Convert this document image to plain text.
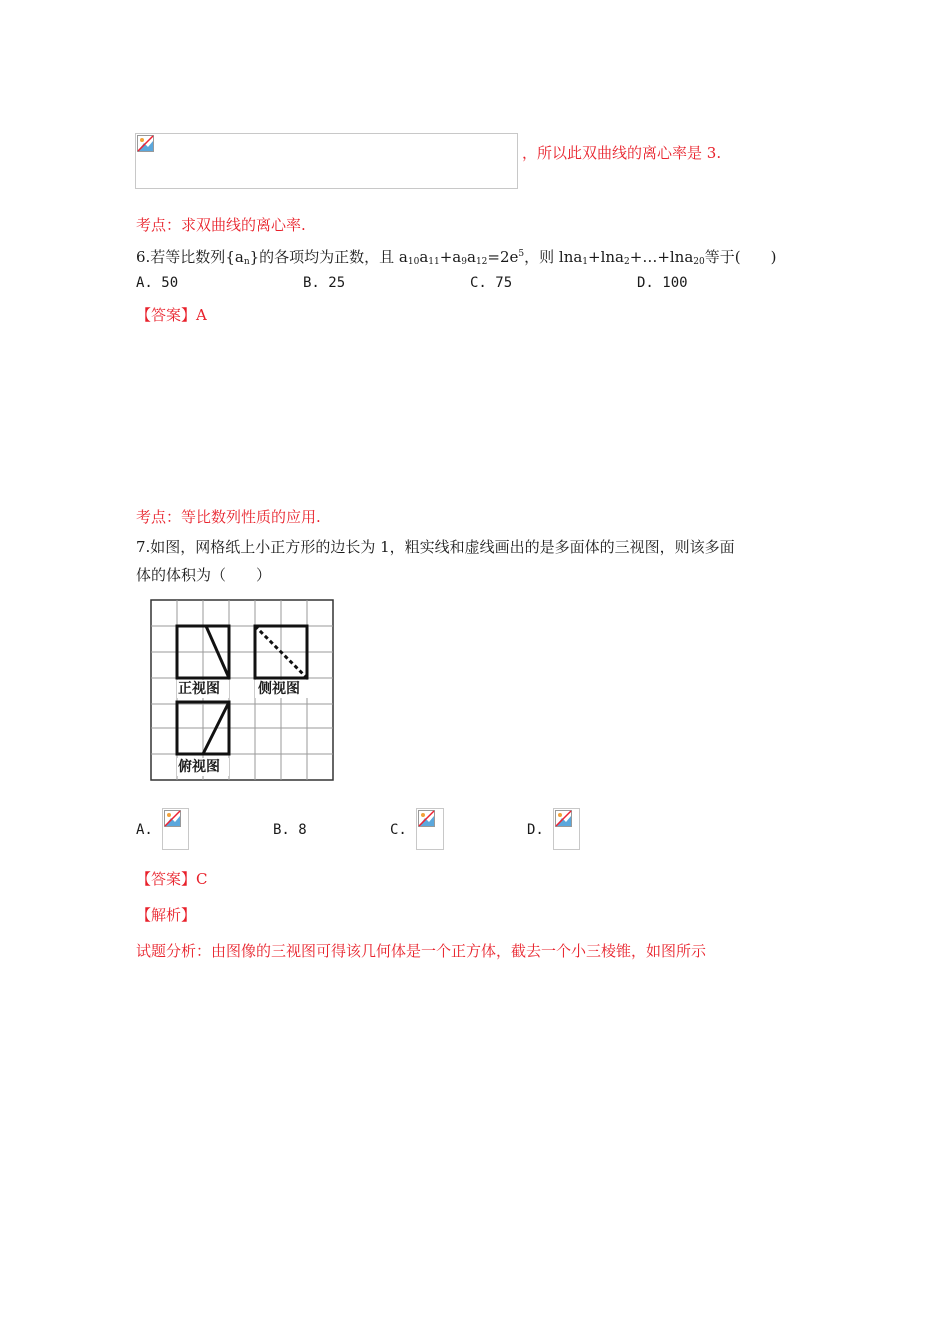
，所以此双曲线的离心率是 3.
考点：求双曲线的离心率.
6.若等比数列$\{a_n\}$的各项均为正数，且 $a_{10}a_{11}+a_9a_{12}=2e^5$，则 lna$_1$+lna$_2$+…+lna$_{20}$等于(　　)
A. 50	B. 25	C. 75	D. 100
【答案】A
考点：等比数列性质的应用.
7.如图，网格纸上小正方形的边长为 1，粗实线和虚线画出的是多面体的三视图，则该多面
体的体积为（　　）
正视图	侧视图
俯视图
A.	B. 8	C.	D.
【答案】C
【解析】
试题分析：由图像的三视图可得该几何体是一个正方体，截去一个小三棱锥，如图所示
